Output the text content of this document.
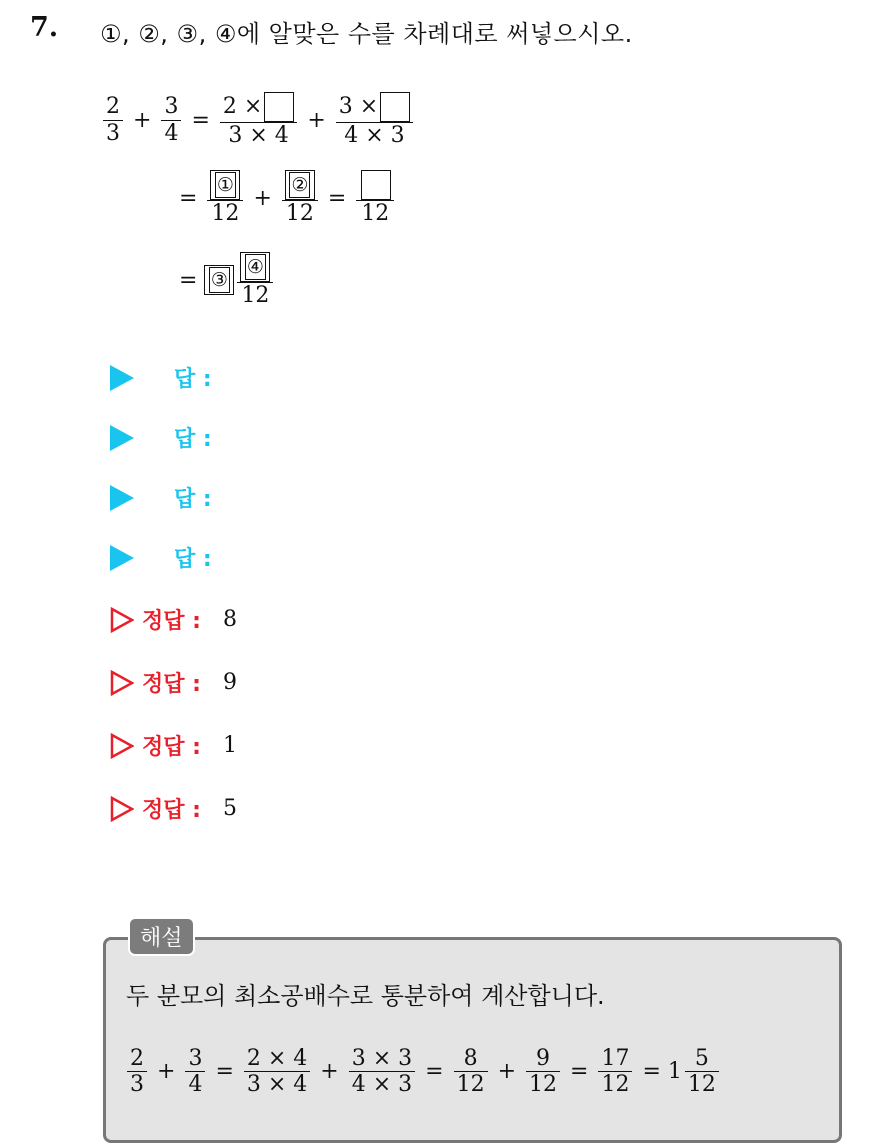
7. ①, ②, ③, ④에 알맞은 수를 차례대로 써넣으시오.
$\frac{2}{3} + \frac{3}{4} = \frac{2 \times}{3 \times 4} + \frac{3 \times}{4 \times 3}$
= $\frac{\text{①}}{12} + \frac{\text{②}}{12}$ =
12
= ③ $\frac{\text{④}}{12}$
답 :
답 :
답 :
답 :
정답 : 8
정답 : 9
정답 : 1
정답 : 5
해설
두 분모의 최소공배수로 통분하여 계산합니다.
$\frac{2}{3} + \frac{3}{4} = \frac{2 \times 4}{3 \times 4} + \frac{3 \times 3}{4 \times 3} = \frac{8}{12} + \frac{9}{12} = \frac{17}{12} = 1 \frac{5}{12}$
